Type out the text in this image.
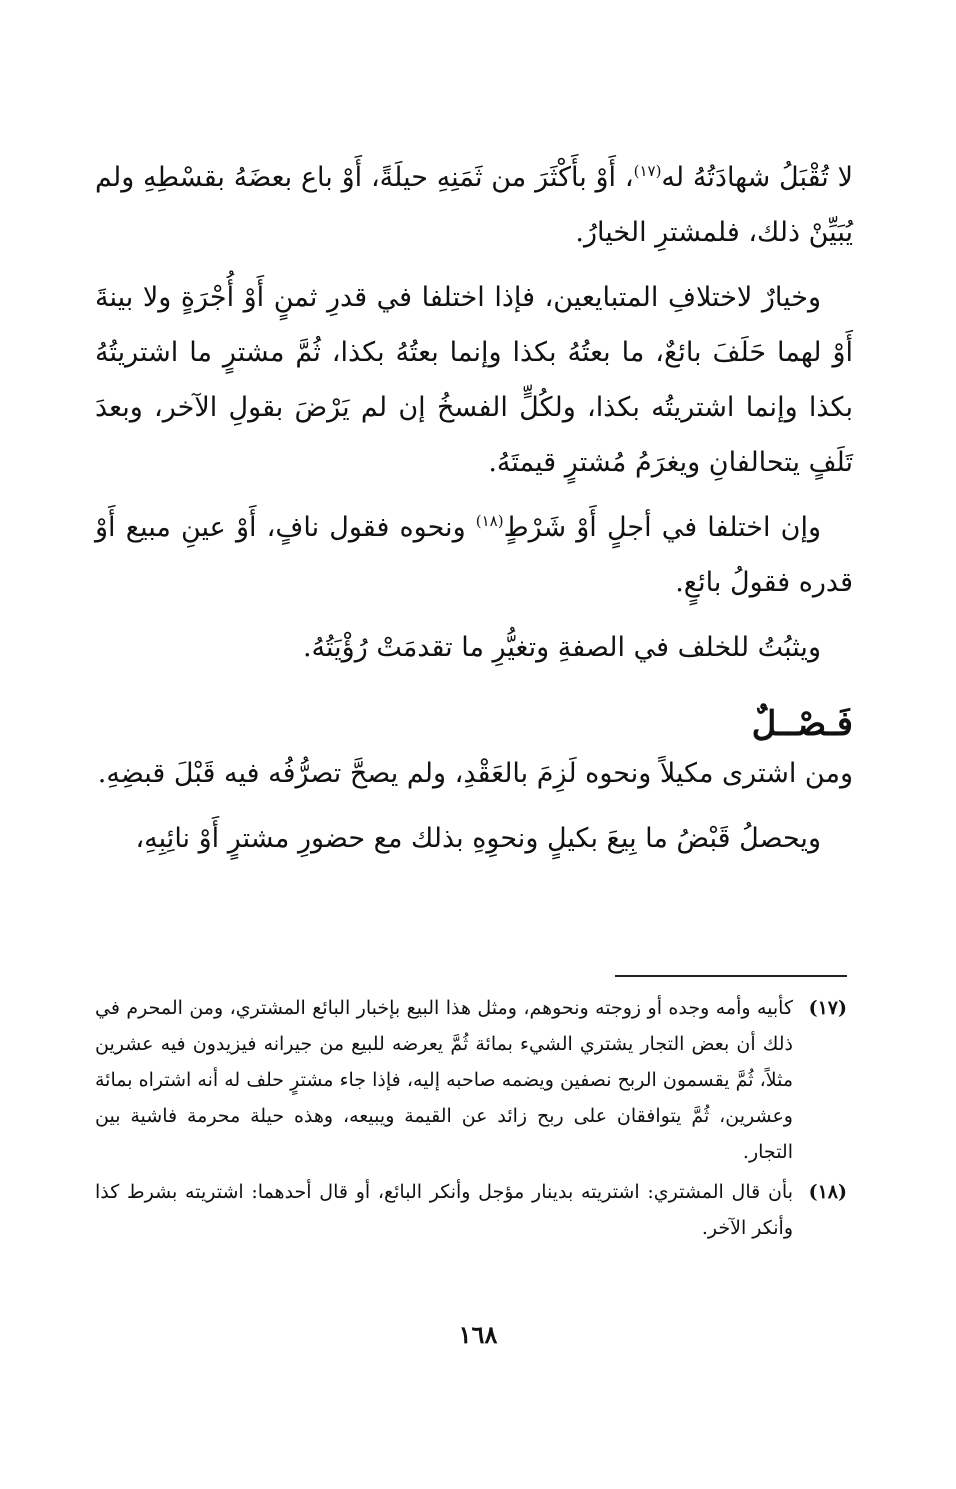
لا تُقْبَلُ شهادَتُهُ له$^{(١٧)}$، أَوْ بأَكْثَرَ من ثَمَنِهِ حيلَةً، أَوْ باع بعضَهُ بقسْطِهِ ولم يُبَيِّنْ ذلك، فلمشترِ الخيارُ.

وخيارٌ لاختلافِ المتبايعين، فإذا اختلفا في قدرِ ثمنٍ أَوْ أُجْرَةٍ ولا بينةَ أَوْ لهما حَلَفَ بائعٌ، ما بعتُهُ بكذا وإنما بعتُهُ بكذا، ثُمَّ مشترٍ ما اشتريتُهُ بكذا وإنما اشتريتُه بكذا، ولكُلٍّ الفسخُ إن لم يَرْضَ بقولِ الآخر، وبعدَ تَلَفٍ يتحالفانِ ويغرَمُ مُشترٍ قيمتَهُ.

وإن اختلفا في أجلٍ أَوْ شَرْطٍ$^{(١٨)}$ ونحوه فقول نافٍ، أَوْ عينِ مبيع أَوْ قدره فقولُ بائعٍ.

ويثبُتُ للخلف في الصفةِ وتغيُّرِ ما تقدمَتْ رُؤْيَتُهُ.

فَـصْــلٌ

ومن اشترى مكيلاً ونحوه لَزِمَ بالعَقْدِ، ولم يصحَّ تصرُّفُه فيه قَبْلَ قبضِهِ.

ويحصلُ قَبْضُ ما بِيعَ بكيلٍ ونحوِهِ بذلك مع حضورِ مشترٍ أَوْ نائِبِهِ،

(١٧)
كأبيه وأمه وجده أو زوجته ونحوهم، ومثل هذا البيع بإخبار البائع المشتري، ومن المحرم في ذلك أن بعض التجار يشتري الشيء بمائة ثُمَّ يعرضه للبيع من جيرانه فيزيدون فيه عشرين مثلاً، ثُمَّ يقسمون الربح نصفين ويضمه صاحبه إليه، فإذا جاء مشترٍ حلف له أنه اشتراه بمائة وعشرين، ثُمَّ يتوافقان على ربح زائد عن القيمة ويبيعه، وهذه حيلة محرمة فاشية بين التجار.
(١٨)
بأن قال المشتري: اشتريته بدينار مؤجل وأنكر البائع، أو قال أحدهما: اشتريته بشرط كذا وأنكر الآخر.
١٦٨
